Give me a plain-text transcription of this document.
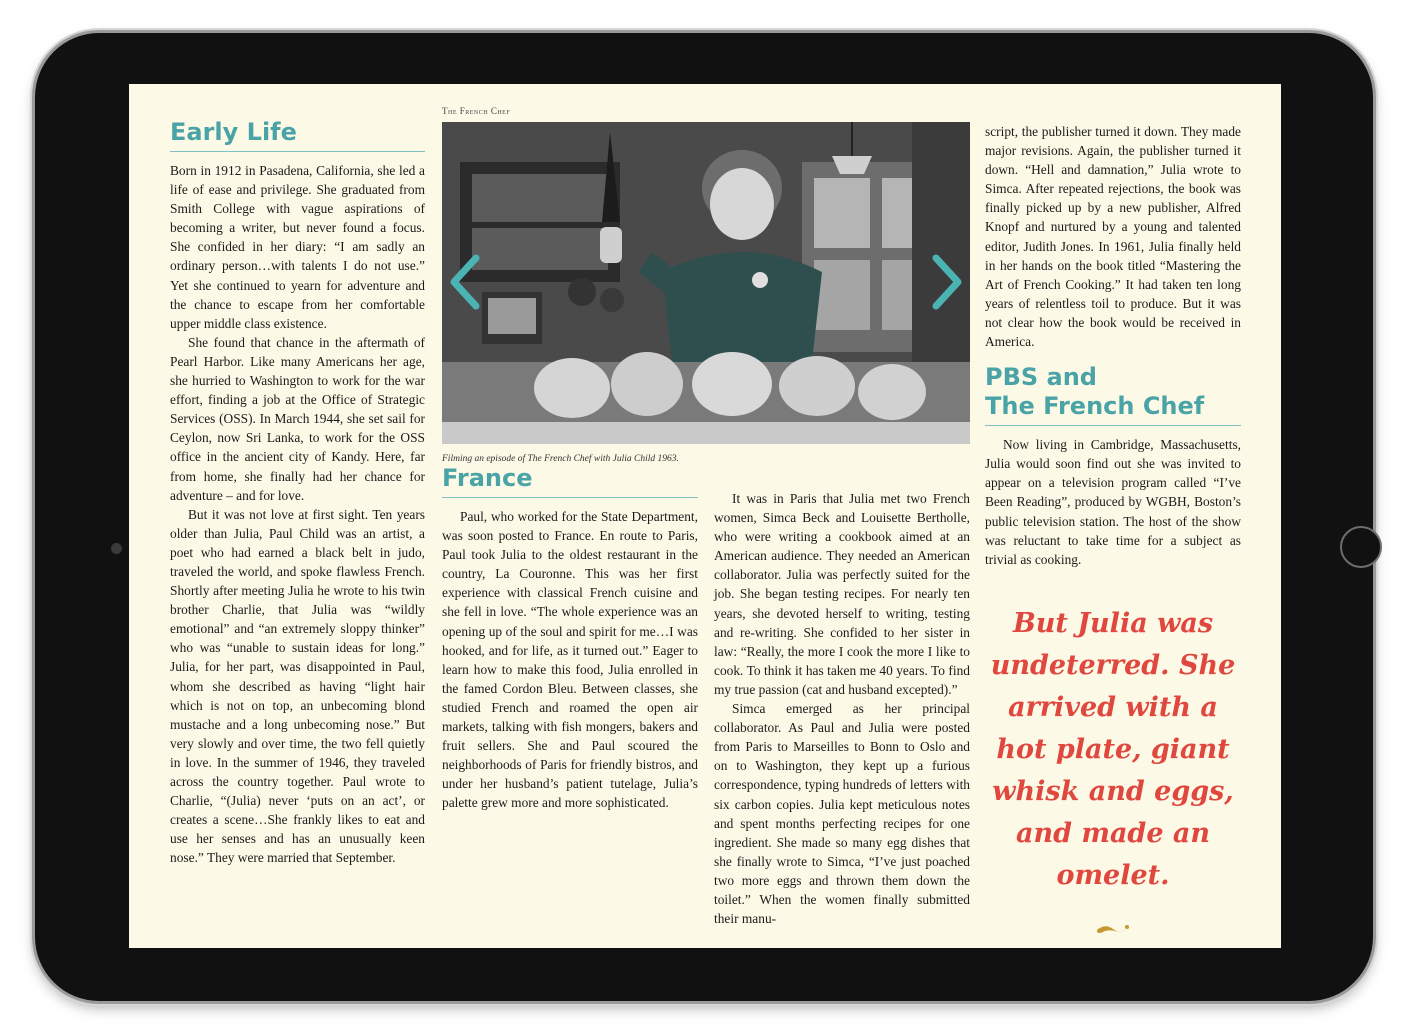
Early Life

Born in 1912 in Pasadena, California, she led a life of ease and privilege. She graduated from Smith College with vague aspirations of becoming a writer, but never found a focus. She confided in her diary: “I am sadly an ordinary person…with talents I do not use.” Yet she continued to yearn for adventure and the chance to escape from her comfortable upper middle class existence.

She found that chance in the aftermath of Pearl Harbor. Like many Americans her age, she hurried to Washington to work for the war effort, finding a job at the Office of Strategic Services (OSS). In March 1944, she set sail for Ceylon, now Sri Lanka, to work for the OSS office in the ancient city of Kandy. Here, far from home, she finally had her chance for adventure – and for love.

But it was not love at first sight. Ten years older than Julia, Paul Child was an artist, a poet who had earned a black belt in judo, traveled the world, and spoke flawless French. Shortly after meeting Julia he wrote to his twin brother Charlie, that Julia was “wildly emotional” and “an extremely sloppy thinker” who was “unable to sustain ideas for long.” Julia, for her part, was disappointed in Paul, whom she described as having “light hair which is not on top, an unbecoming blond mustache and a long unbecoming nose.” But very slowly and over time, the two fell quietly in love. In the summer of 1946, they traveled across the country together. Paul wrote to Charlie, “(Julia) never ‘puts on an act’, or creates a scene…She frankly likes to eat and use her senses and has an unusually keen nose.” They were married that September.

The French Chef
Filming an episode of The French Chef with Julia Child 1963.
France

Paul, who worked for the State Department, was soon posted to France. En route to Paris, Paul took Julia to the oldest restaurant in the country, La Couronne. This was her first experience with classical French cuisine and she fell in love. “The whole experience was an opening up of the soul and spirit for me…I was hooked, and for life, as it turned out.” Eager to learn how to make this food, Julia enrolled in the famed Cordon Bleu. Between classes, she studied French and roamed the open air markets, talking with fish mongers, bakers and fruit sellers. She and Paul scoured the neighborhoods of Paris for friendly bistros, and under her husband’s patient tutelage, Julia’s palette grew more and more sophisticated.

It was in Paris that Julia met two French women, Simca Beck and Louisette Bertholle, who were writing a cookbook aimed at an American audience. They needed an American collaborator. Julia was perfectly suited for the job. She began testing recipes. For nearly ten years, she devoted herself to writing, testing and re-writing. She confided to her sister in law: “Really, the more I cook the more I like to cook. To think it has taken me 40 years. To find my true passion (cat and husband excepted).”

Simca emerged as her principal collaborator. As Paul and Julia were posted from Paris to Marseilles to Bonn to Oslo and on to Washington, they kept up a furious correspondence, typing hundreds of letters with six carbon copies. Julia kept meticulous notes and spent months perfecting recipes for one ingredient. She made so many egg dishes that she finally wrote to Simca, “I’ve just poached two more eggs and thrown them down the toilet.” When the women finally submitted their manu-

script, the publisher turned it down. They made major revisions. Again, the publisher turned it down. “Hell and damnation,” Julia wrote to Simca. After repeated rejections, the book was finally picked up by a new publisher, Alfred Knopf and nurtured by a young and talented editor, Judith Jones. In 1961, Julia finally held in her hands on the book titled “Mastering the Art of French Cooking.” It had taken ten long years of relentless toil to produce. But it was not clear how the book would be received in America.

PBS and
The French Chef

Now living in Cambridge, Massachusetts, Julia would soon find out she was invited to appear on a television program called “I’ve Been Reading”, produced by WGBH, Boston’s public television station. The host of the show was reluctant to take time for a subject as trivial as cooking.

But Julia was undeterred. She arrived with a hot plate, giant whisk and eggs, and made an omelet.
